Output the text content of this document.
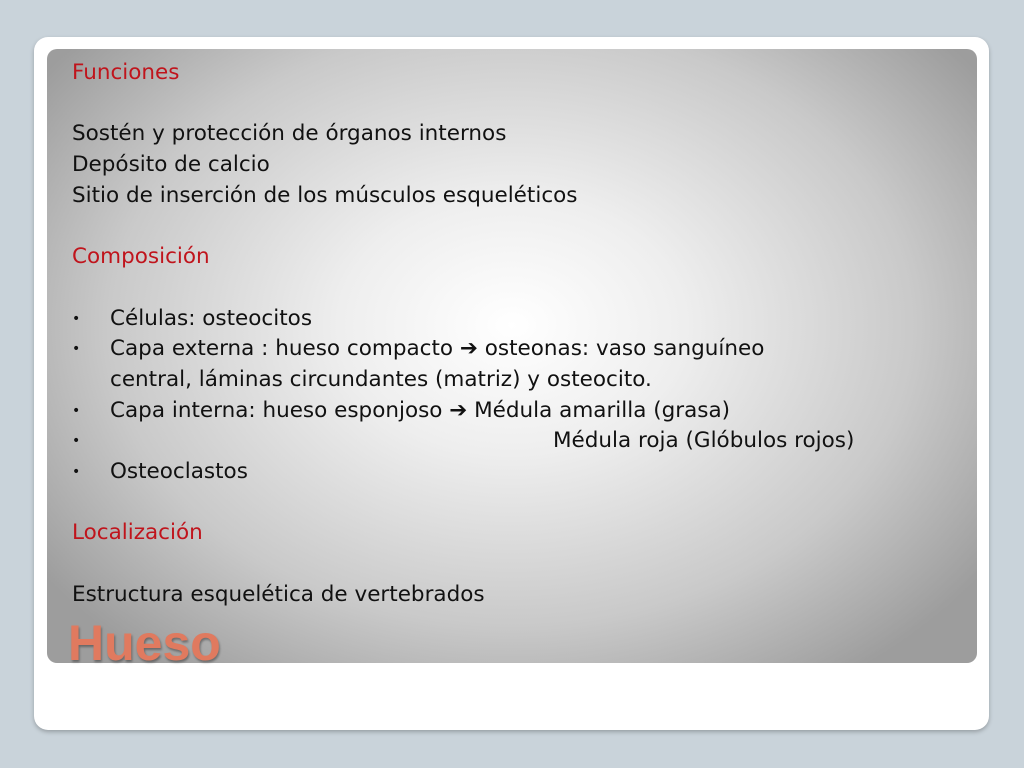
Funciones
Sostén y protección de órganos internos
Depósito de calcio
Sitio de inserción de los músculos esqueléticos
Composición
•	Células: osteocitos
•	Capa externa : hueso compacto ➔ osteonas: vaso sanguíneo
central, láminas circundantes (matriz) y osteocito.
•	Capa interna: hueso esponjoso ➔ Médula amarilla (grasa)
•	Médula roja (Glóbulos rojos)
•	Osteoclastos
Localización
Estructura esquelética de vertebrados
Hueso
